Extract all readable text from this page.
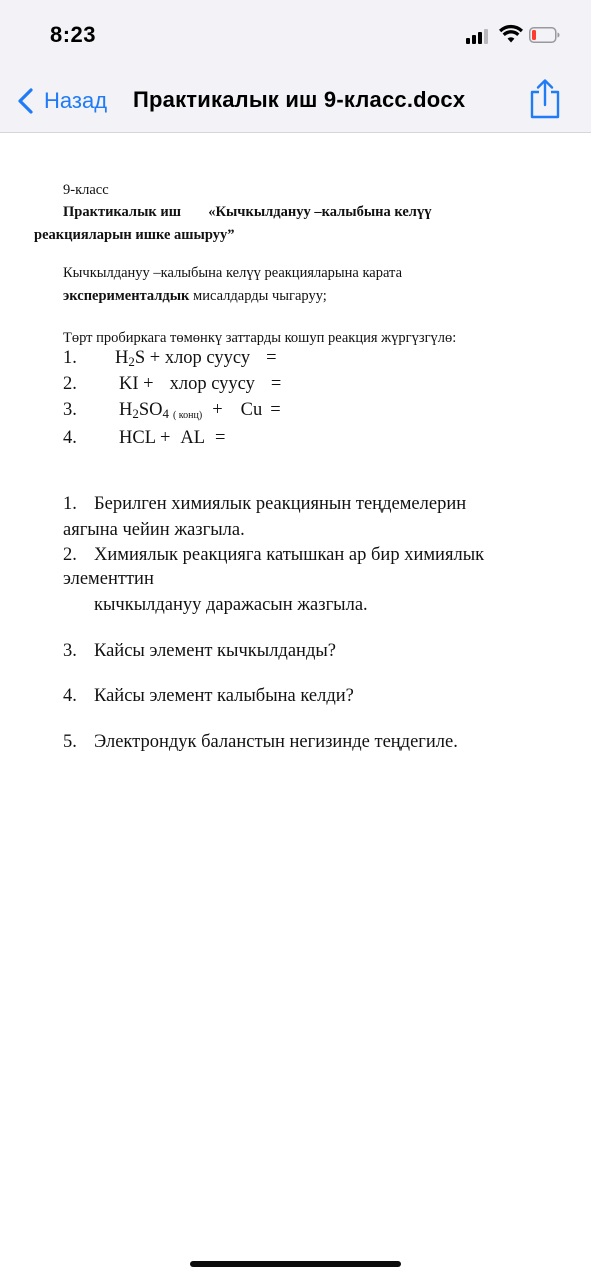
8:23
Назад Практикалык иш 9-класс.docx
9-класс
Практикалык иш «Кычкылдануу –калыбына келүү
реакцияларын ишке ашыруу”
Кычкылдануу –калыбына келүү реакцияларына карата
эксперименталдык мисалдарды чыгаруу;
Төрт пробиркага төмөнкү заттарды кошуп реакция жүргүзгүлө:
1. $H_2S$ + хлор суусу =
2. KI + хлор суусу =
3. $H_2SO_4$ ( конц) + Cu =
4. HCL + AL =
1. Берилген химиялык реакциянын теңдемелерин
аягына чейин жазгыла.
2. Химиялык реакцияга катышкан ар бир химиялык
элементтин
кычкылдануу даражасын жазгыла.
3. Кайсы элемент кычкылданды?
4. Кайсы элемент калыбына келди?
5. Электрондук баланстын негизинде теңдегиле.
